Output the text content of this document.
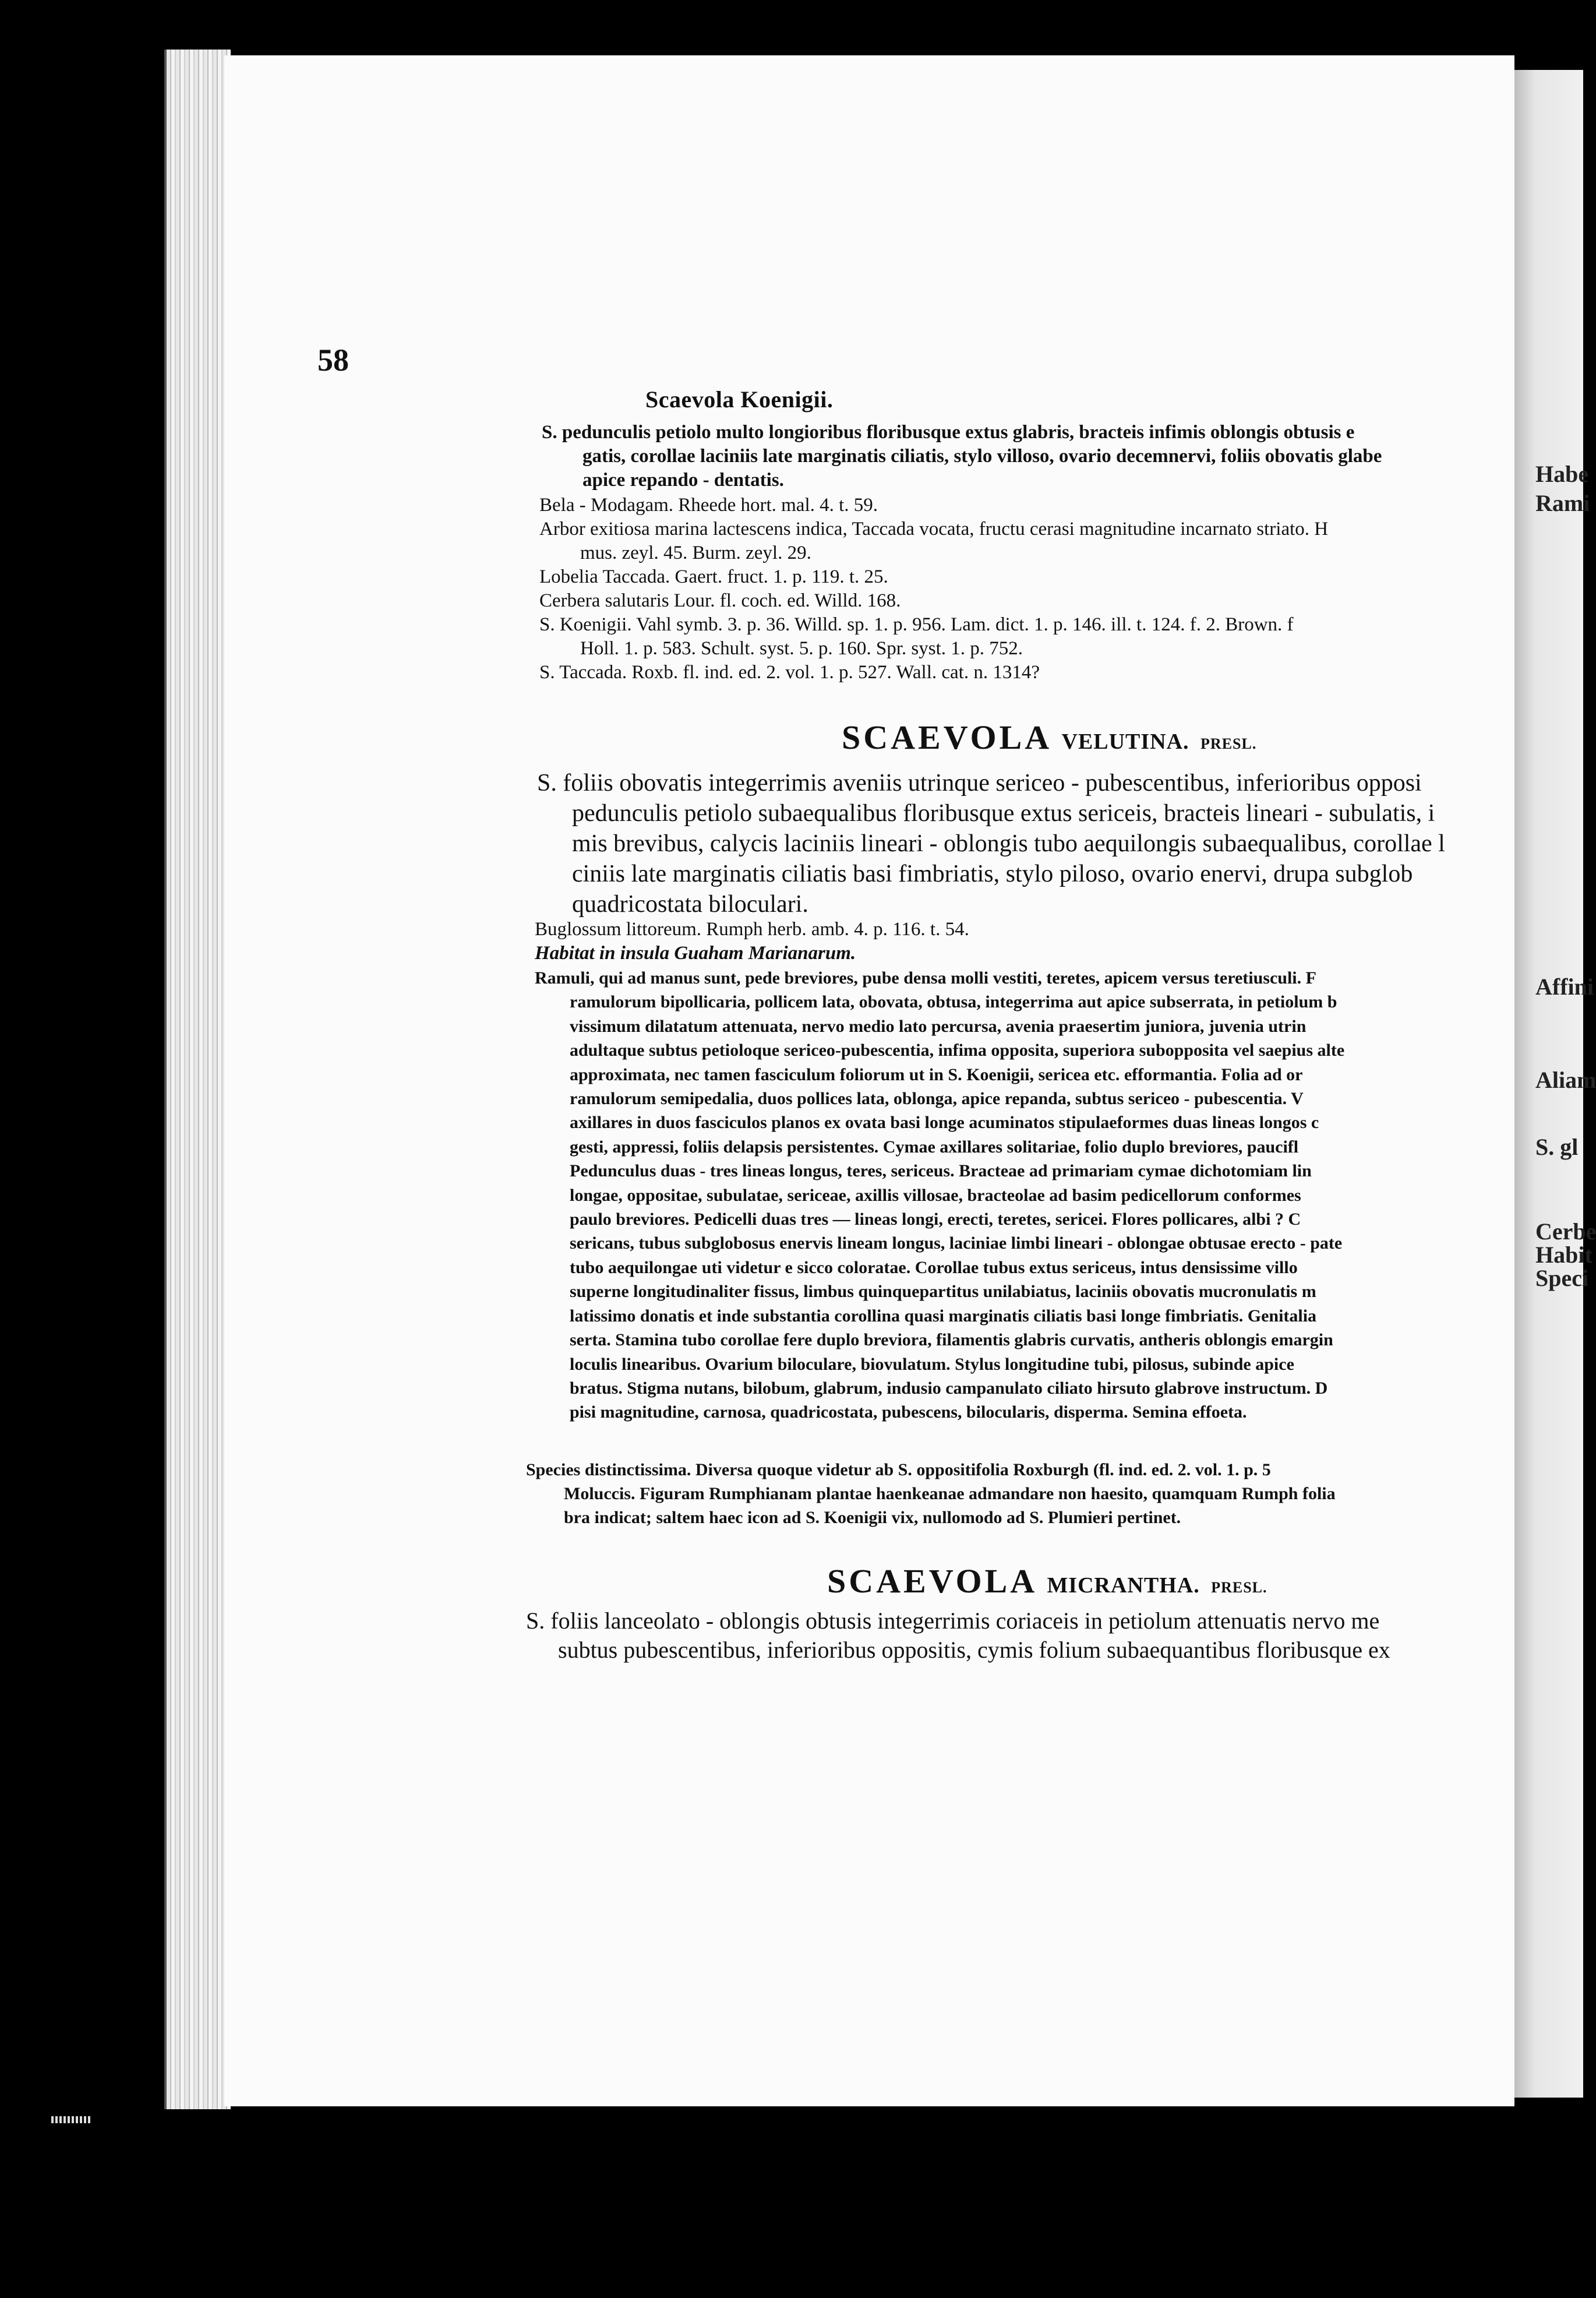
Habe
Rami
Affini
Aliam
S. gl
Cerbe
Habit
Speci
58
Scaevola Koenigii.
S. pedunculis petiolo multo longioribus floribusque extus glabris, bracteis infimis oblongis obtusis e
gatis, corollae laciniis late marginatis ciliatis, stylo villoso, ovario decemnervi, foliis obovatis glabe
apice repando - dentatis.
Bela - Modagam. Rheede hort. mal. 4. t. 59.
Arbor exitiosa marina lactescens indica, Taccada vocata, fructu cerasi magnitudine incarnato striato. H
mus. zeyl. 45. Burm. zeyl. 29.
Lobelia Taccada. Gaert. fruct. 1. p. 119. t. 25.
Cerbera salutaris Lour. fl. coch. ed. Willd. 168.
S. Koenigii. Vahl symb. 3. p. 36. Willd. sp. 1. p. 956. Lam. dict. 1. p. 146. ill. t. 124. f. 2. Brown. f
Holl. 1. p. 583. Schult. syst. 5. p. 160. Spr. syst. 1. p. 752.
S. Taccada. Roxb. fl. ind. ed. 2. vol. 1. p. 527. Wall. cat. n. 1314?
SCAEVOLA VELUTINA. PRESL.
S. foliis obovatis integerrimis aveniis utrinque sericeo - pubescentibus, inferioribus opposi
pedunculis petiolo subaequalibus floribusque extus sericeis, bracteis lineari - subulatis, i
mis brevibus, calycis laciniis lineari - oblongis tubo aequilongis subaequalibus, corollae l
ciniis late marginatis ciliatis basi fimbriatis, stylo piloso, ovario enervi, drupa subglob
quadricostata biloculari.
Buglossum littoreum. Rumph herb. amb. 4. p. 116. t. 54.
Habitat in insula Guaham Marianarum.
Ramuli, qui ad manus sunt, pede breviores, pube densa molli vestiti, teretes, apicem versus teretiusculi. F
ramulorum bipollicaria, pollicem lata, obovata, obtusa, integerrima aut apice subserrata, in petiolum b
vissimum dilatatum attenuata, nervo medio lato percursa, avenia praesertim juniora, juvenia utrin
adultaque subtus petioloque sericeo-pubescentia, infima opposita, superiora subopposita vel saepius alte
approximata, nec tamen fasciculum foliorum ut in S. Koenigii, sericea etc. efformantia. Folia ad or
ramulorum semipedalia, duos pollices lata, oblonga, apice repanda, subtus sericeo - pubescentia. V
axillares in duos fasciculos planos ex ovata basi longe acuminatos stipulaeformes duas lineas longos c
gesti, appressi, foliis delapsis persistentes. Cymae axillares solitariae, folio duplo breviores, paucifl
Pedunculus duas - tres lineas longus, teres, sericeus. Bracteae ad primariam cymae dichotomiam lin
longae, oppositae, subulatae, sericeae, axillis villosae, bracteolae ad basim pedicellorum conformes
paulo breviores. Pedicelli duas tres — lineas longi, erecti, teretes, sericei. Flores pollicares, albi ? C
sericans, tubus subglobosus enervis lineam longus, laciniae limbi lineari - oblongae obtusae erecto - pate
tubo aequilongae uti videtur e sicco coloratae. Corollae tubus extus sericeus, intus densissime villo
superne longitudinaliter fissus, limbus quinquepartitus unilabiatus, laciniis obovatis mucronulatis m
latissimo donatis et inde substantia corollina quasi marginatis ciliatis basi longe fimbriatis. Genitalia
serta. Stamina tubo corollae fere duplo breviora, filamentis glabris curvatis, antheris oblongis emargin
loculis linearibus. Ovarium biloculare, biovulatum. Stylus longitudine tubi, pilosus, subinde apice
bratus. Stigma nutans, bilobum, glabrum, indusio campanulato ciliato hirsuto glabrove instructum. D
pisi magnitudine, carnosa, quadricostata, pubescens, bilocularis, disperma. Semina effoeta.
Species distinctissima. Diversa quoque videtur ab S. oppositifolia Roxburgh (fl. ind. ed. 2. vol. 1. p. 5
Moluccis. Figuram Rumphianam plantae haenkeanae admandare non haesito, quamquam Rumph folia
bra indicat; saltem haec icon ad S. Koenigii vix, nullomodo ad S. Plumieri pertinet.
SCAEVOLA MICRANTHA. PRESL.
S. foliis lanceolato - oblongis obtusis integerrimis coriaceis in petiolum attenuatis nervo me
subtus pubescentibus, inferioribus oppositis, cymis folium subaequantibus floribusque ex
